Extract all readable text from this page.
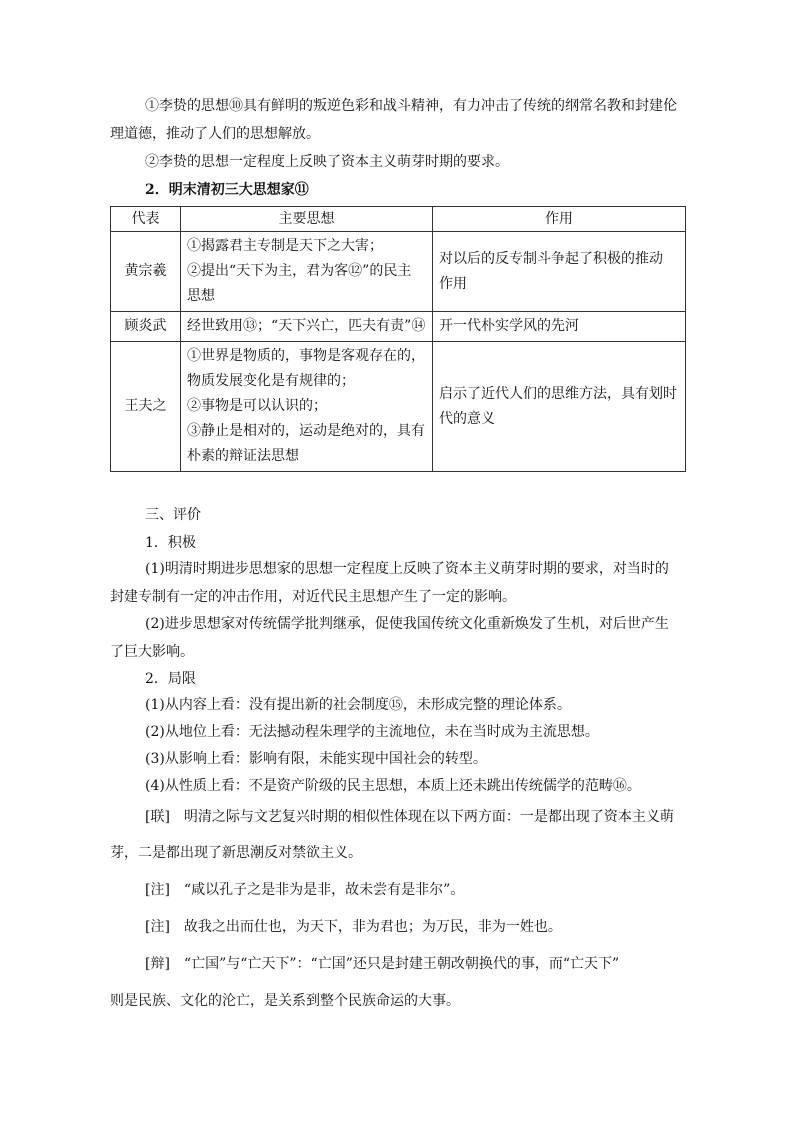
①李贽的思想⑩具有鲜明的叛逆色彩和战斗精神，有力冲击了传统的纲常名教和封建伦

理道德，推动了人们的思想解放。

②李贽的思想一定程度上反映了资本主义萌芽时期的要求。

2．明末清初三大思想家⑪

代表	主要思想	作用
黄宗羲	①揭露君主专制是天下之大害；
②提出“天下为主，君为客⑫”的民主
思想	对以后的反专制斗争起了积极的推动
作用

顾炎武	经世致用⑬；“天下兴亡，匹夫有责”⑭	开一代朴实学风的先河

王夫之	①世界是物质的，事物是客观存在的，
物质发展变化是有规律的；
②事物是可以认识的；
③静止是相对的，运动是绝对的，具有
朴素的辩证法思想	启示了近代人们的思维方法，具有划时
代的意义

三、评价

1．积极

(1)明清时期进步思想家的思想一定程度上反映了资本主义萌芽时期的要求，对当时的

封建专制有一定的冲击作用，对近代民主思想产生了一定的影响。

(2)进步思想家对传统儒学批判继承，促使我国传统文化重新焕发了生机，对后世产生

了巨大影响。

2．局限

(1)从内容上看：没有提出新的社会制度⑮，未形成完整的理论体系。

(2)从地位上看：无法撼动程朱理学的主流地位，未在当时成为主流思想。

(3)从影响上看：影响有限，未能实现中国社会的转型。

(4)从性质上看：不是资产阶级的民主思想，本质上还未跳出传统儒学的范畴⑯。

[联]　明清之际与文艺复兴时期的相似性体现在以下两方面：一是都出现了资本主义萌

芽，二是都出现了新思潮反对禁欲主义。

[注]　“咸以孔子之是非为是非，故未尝有是非尔”。

[注]　故我之出而仕也，为天下，非为君也；为万民，非为一姓也。

[辩]　“亡国”与“亡天下”：“亡国”还只是封建王朝改朝换代的事，而“亡天下”

则是民族、文化的沦亡，是关系到整个民族命运的大事。
